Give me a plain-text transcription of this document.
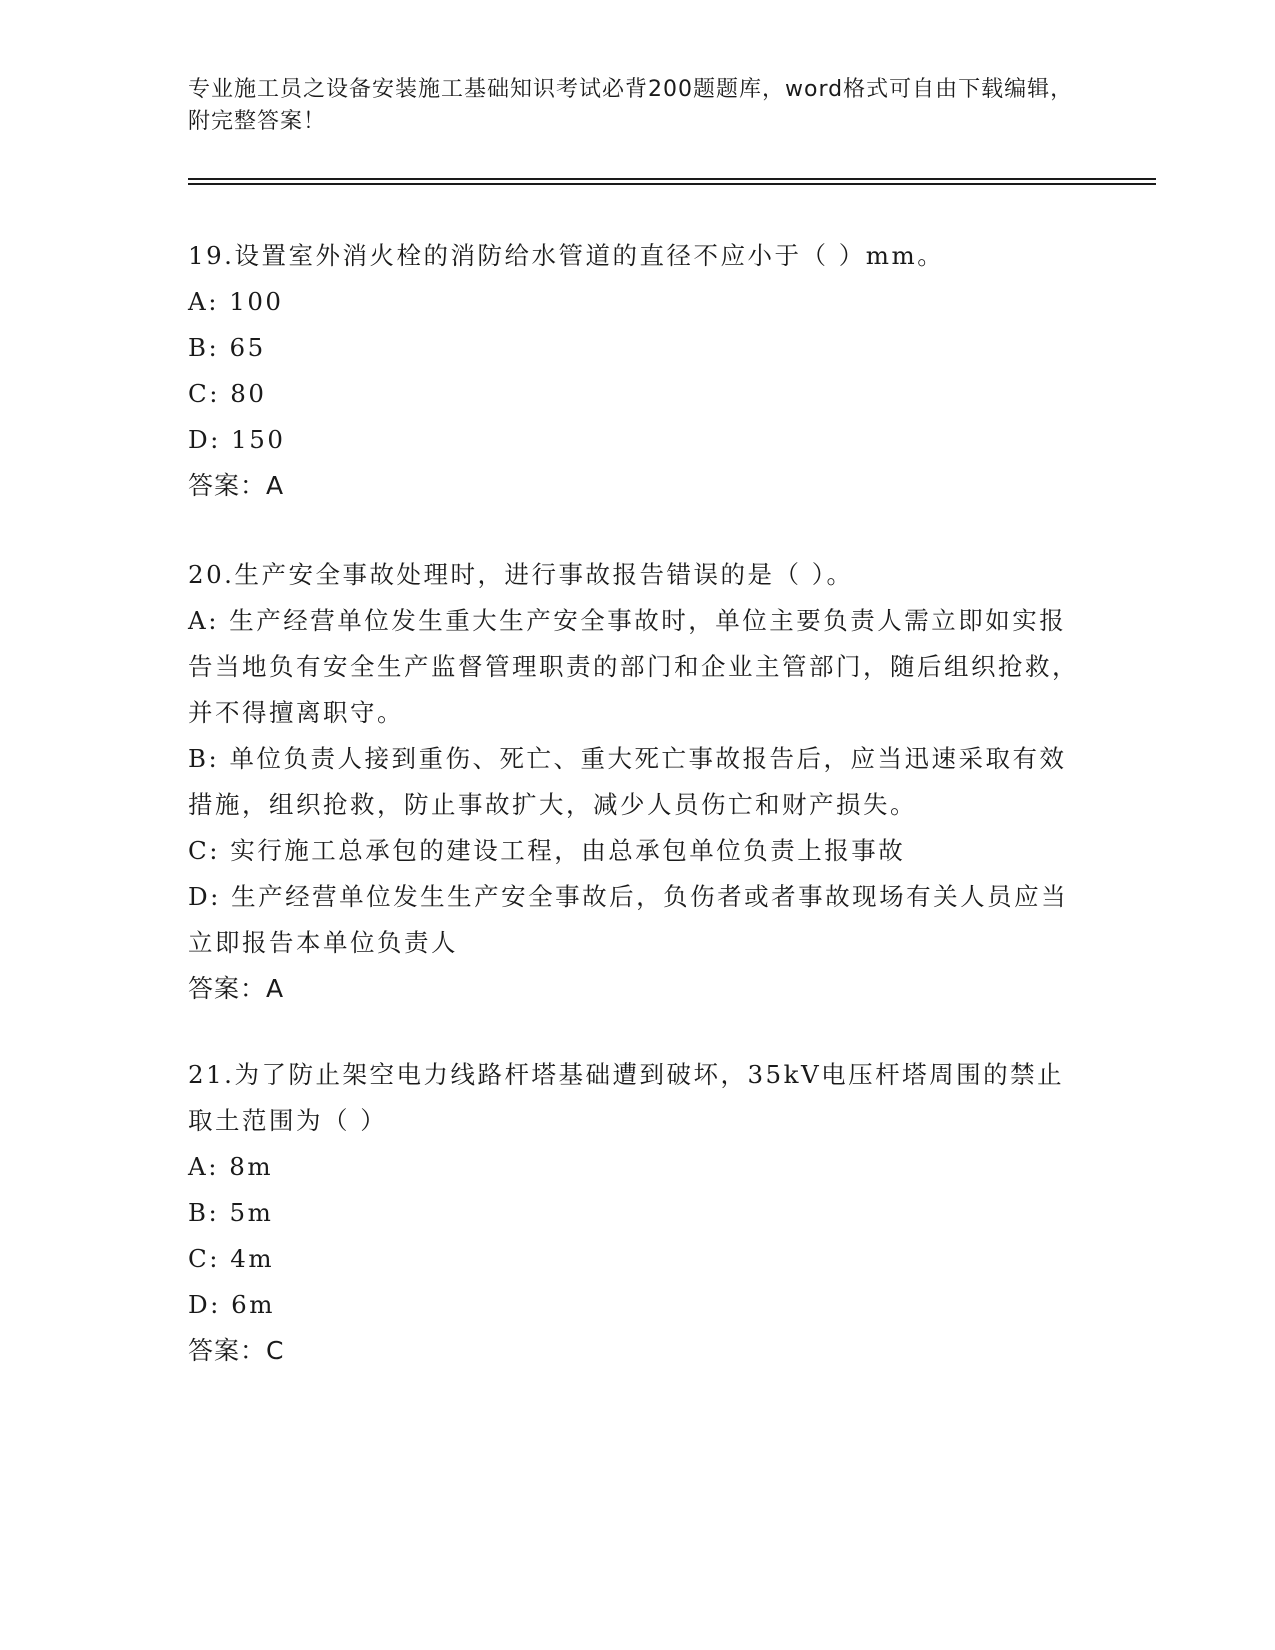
专业施工员之设备安装施工基础知识考试必背200题题库，word格式可自由下载编辑，附完整答案！
19.设置室外消火栓的消防给水管道的直径不应小于（ ）mm。
A: 100
B: 65
C: 80
D: 150
答案：A
20.生产安全事故处理时，进行事故报告错误的是（ ）。
A: 生产经营单位发生重大生产安全事故时，单位主要负责人需立即如实报告当地负有安全生产监督管理职责的部门和企业主管部门，随后组织抢救，并不得擅离职守。
B: 单位负责人接到重伤、死亡、重大死亡事故报告后，应当迅速采取有效措施，组织抢救，防止事故扩大，减少人员伤亡和财产损失。
C: 实行施工总承包的建设工程，由总承包单位负责上报事故
D: 生产经营单位发生生产安全事故后，负伤者或者事故现场有关人员应当立即报告本单位负责人
答案：A
21.为了防止架空电力线路杆塔基础遭到破坏，35kV电压杆塔周围的禁止取土范围为（ ）
A: 8m
B: 5m
C: 4m
D: 6m
答案：C
